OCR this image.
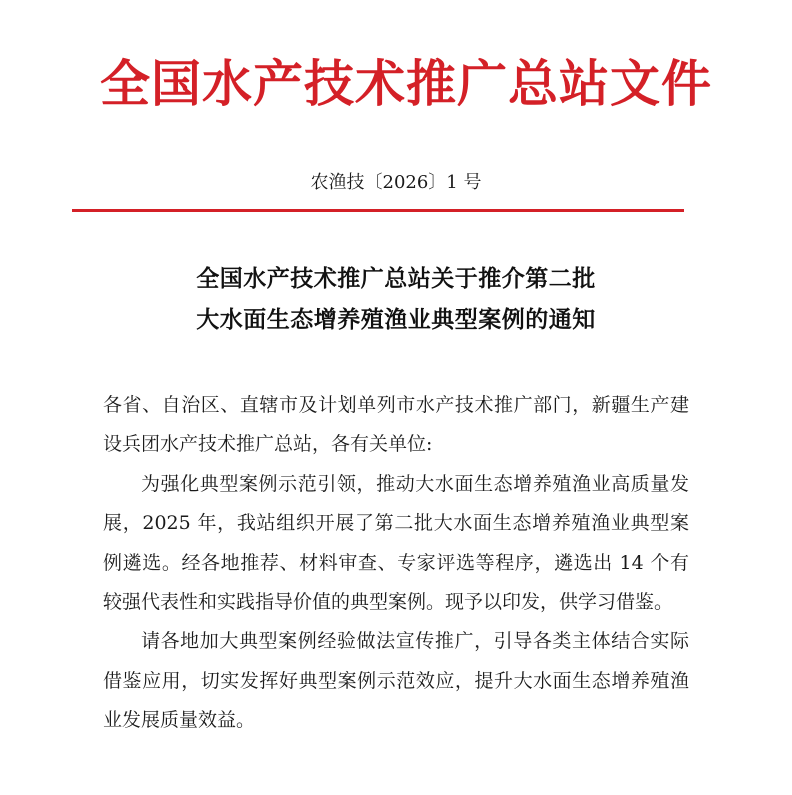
全国水产技术推广总站文件
农渔技〔2026〕1 号
全国水产技术推广总站关于推介第二批
大水面生态增养殖渔业典型案例的通知

各省、自治区、直辖市及计划单列市水产技术推广部门，新疆生产建设兵团水产技术推广总站，各有关单位:

为强化典型案例示范引领，推动大水面生态增养殖渔业高质量发展，2025 年，我站组织开展了第二批大水面生态增养殖渔业典型案例遴选。经各地推荐、材料审查、专家评选等程序，遴选出 14 个有较强代表性和实践指导价值的典型案例。现予以印发，供学习借鉴。

请各地加大典型案例经验做法宣传推广，引导各类主体结合实际借鉴应用，切实发挥好典型案例示范效应，提升大水面生态增养殖渔业发展质量效益。
